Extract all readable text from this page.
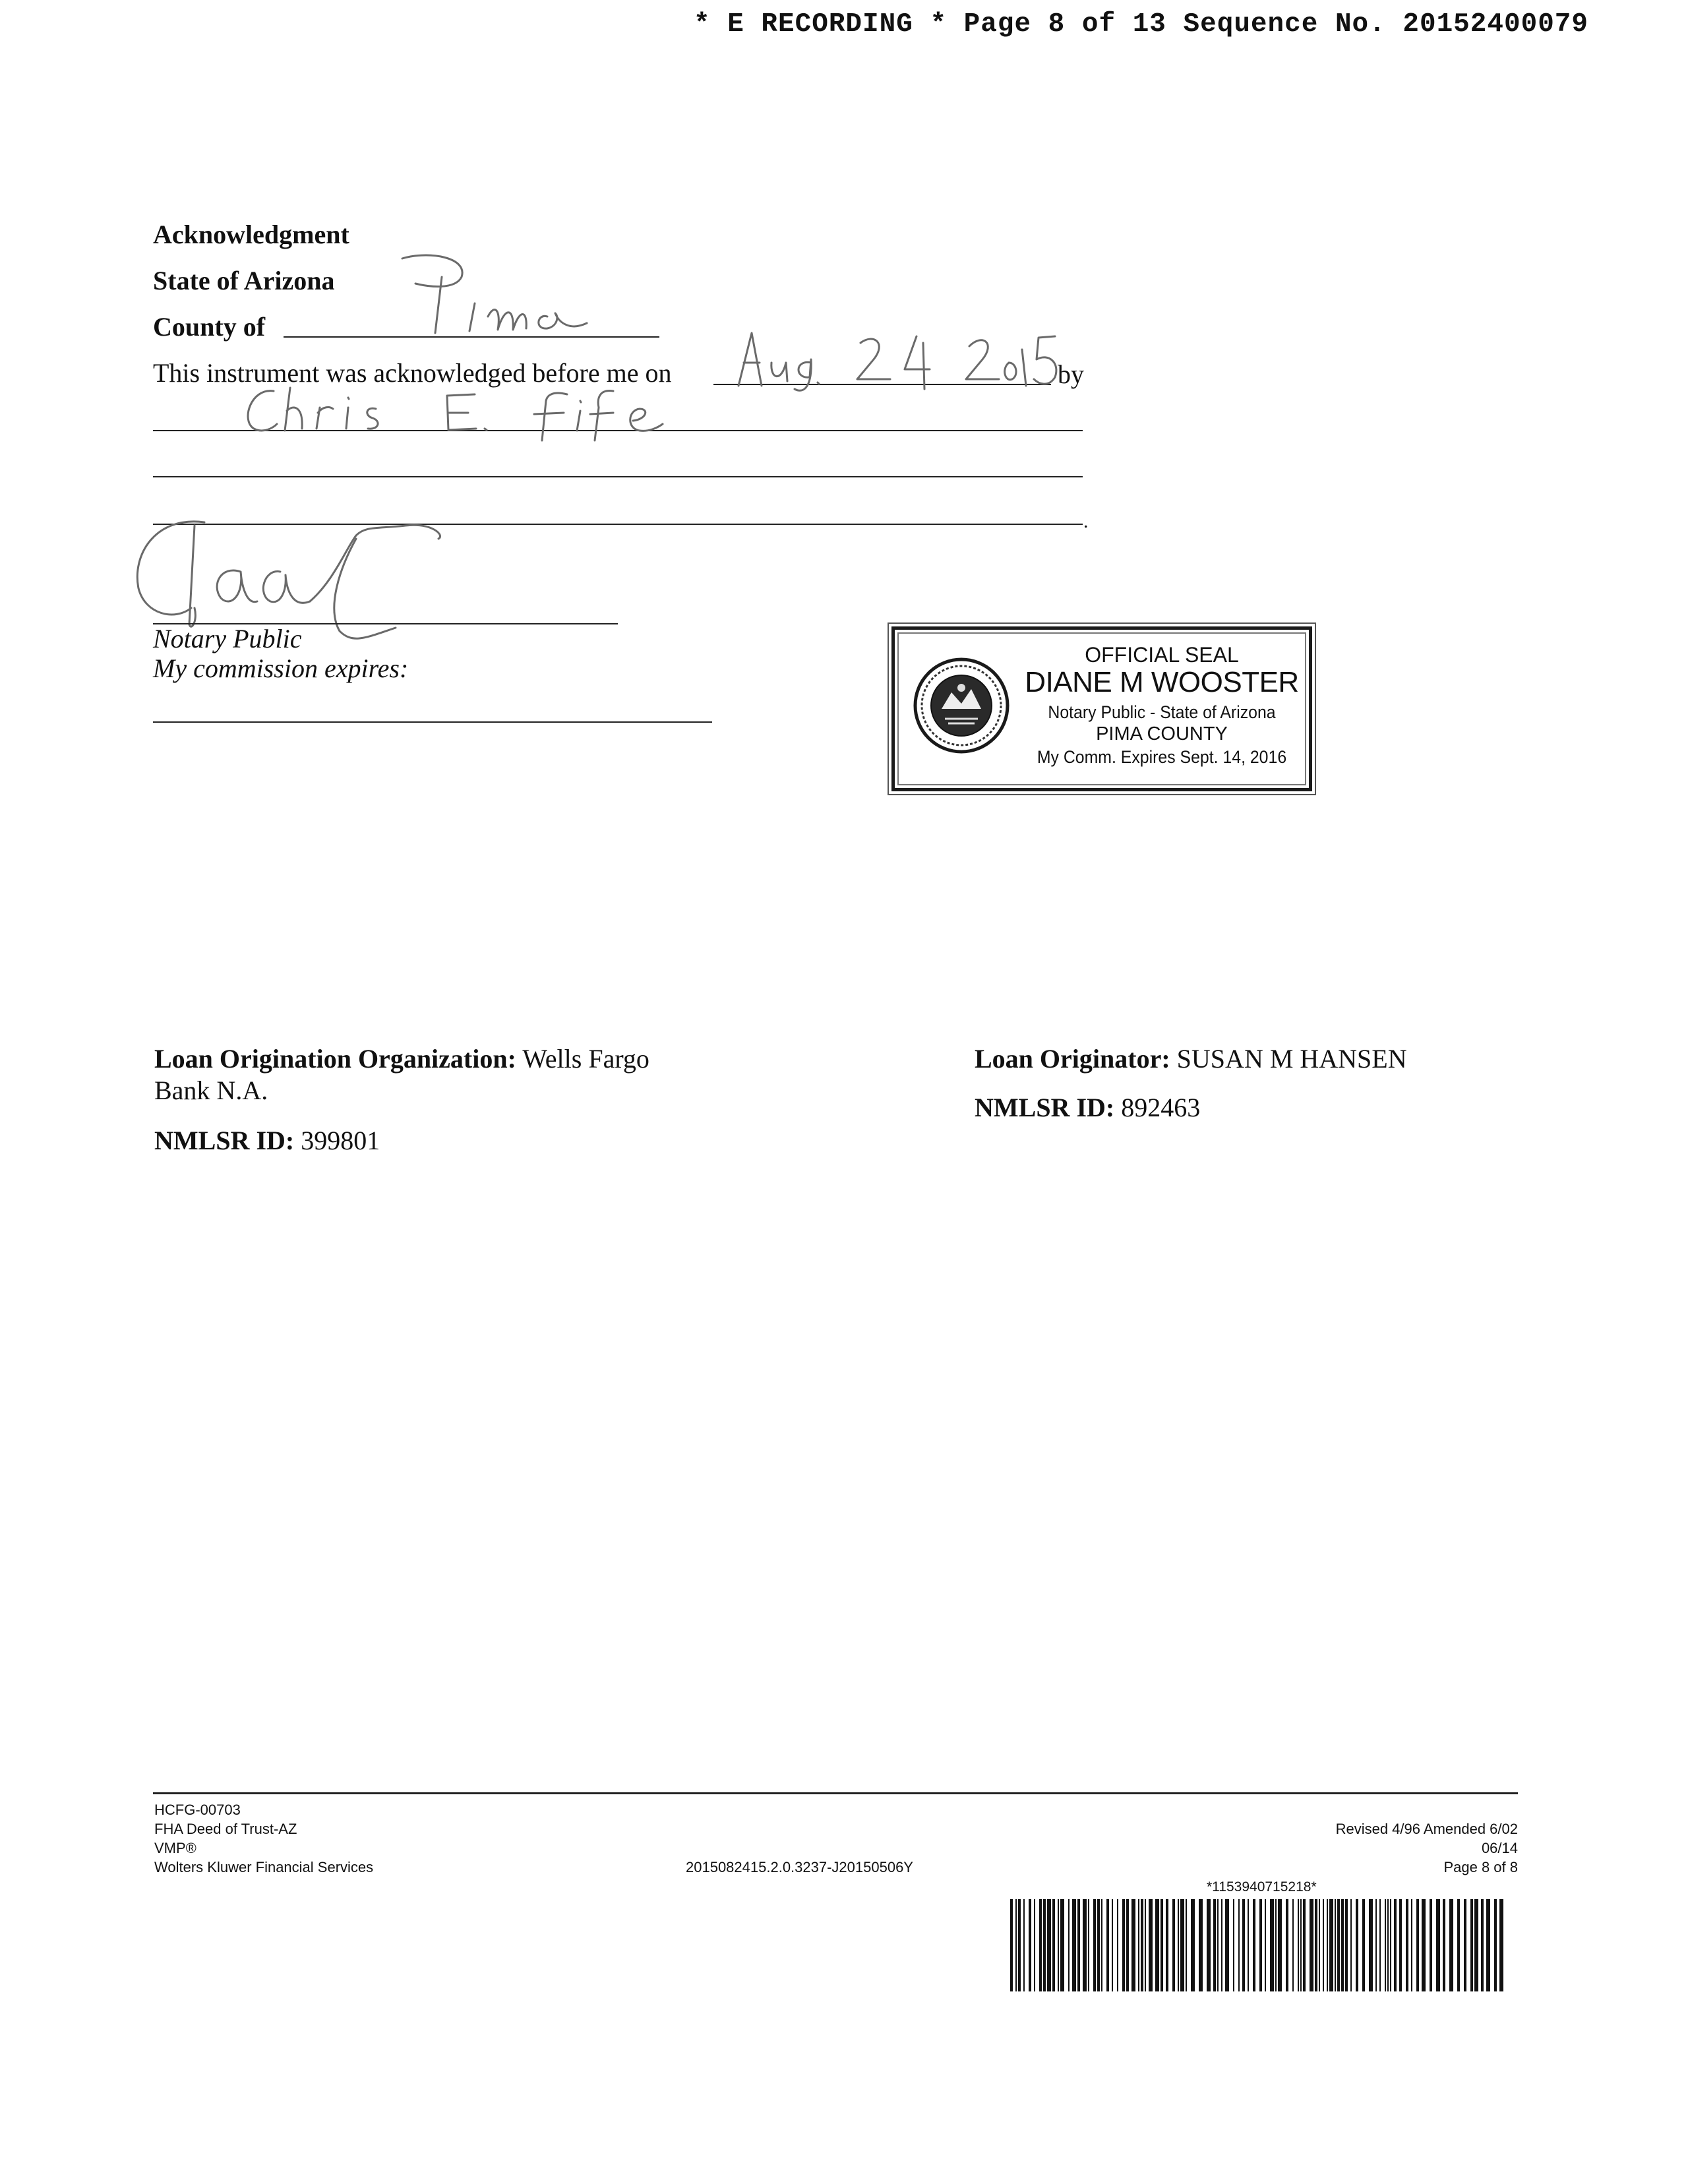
* E RECORDING * Page 8 of 13 Sequence No. 20152400079
Acknowledgment
State of Arizona
County of
This instrument was acknowledged before me on	by
.
Notary Public
My commission expires:	OFFICIAL SEAL
DIANE M WOOSTER
Notary Public - State of Arizona
PIMA COUNTY
My Comm. Expires Sept. 14, 2016
Loan Origination Organization: Wells Fargo
Bank N.A.
NMLSR ID: 399801
Loan Originator: SUSAN M HANSEN
NMLSR ID: 892463
HCFG-00703
FHA Deed of Trust-AZ
VMP®
Wolters Kluwer Financial Services	2015082415.2.0.3237-J20150506Y
Revised 4/96 Amended 6/02
06/14
Page 8 of 8
*1153940715218*
